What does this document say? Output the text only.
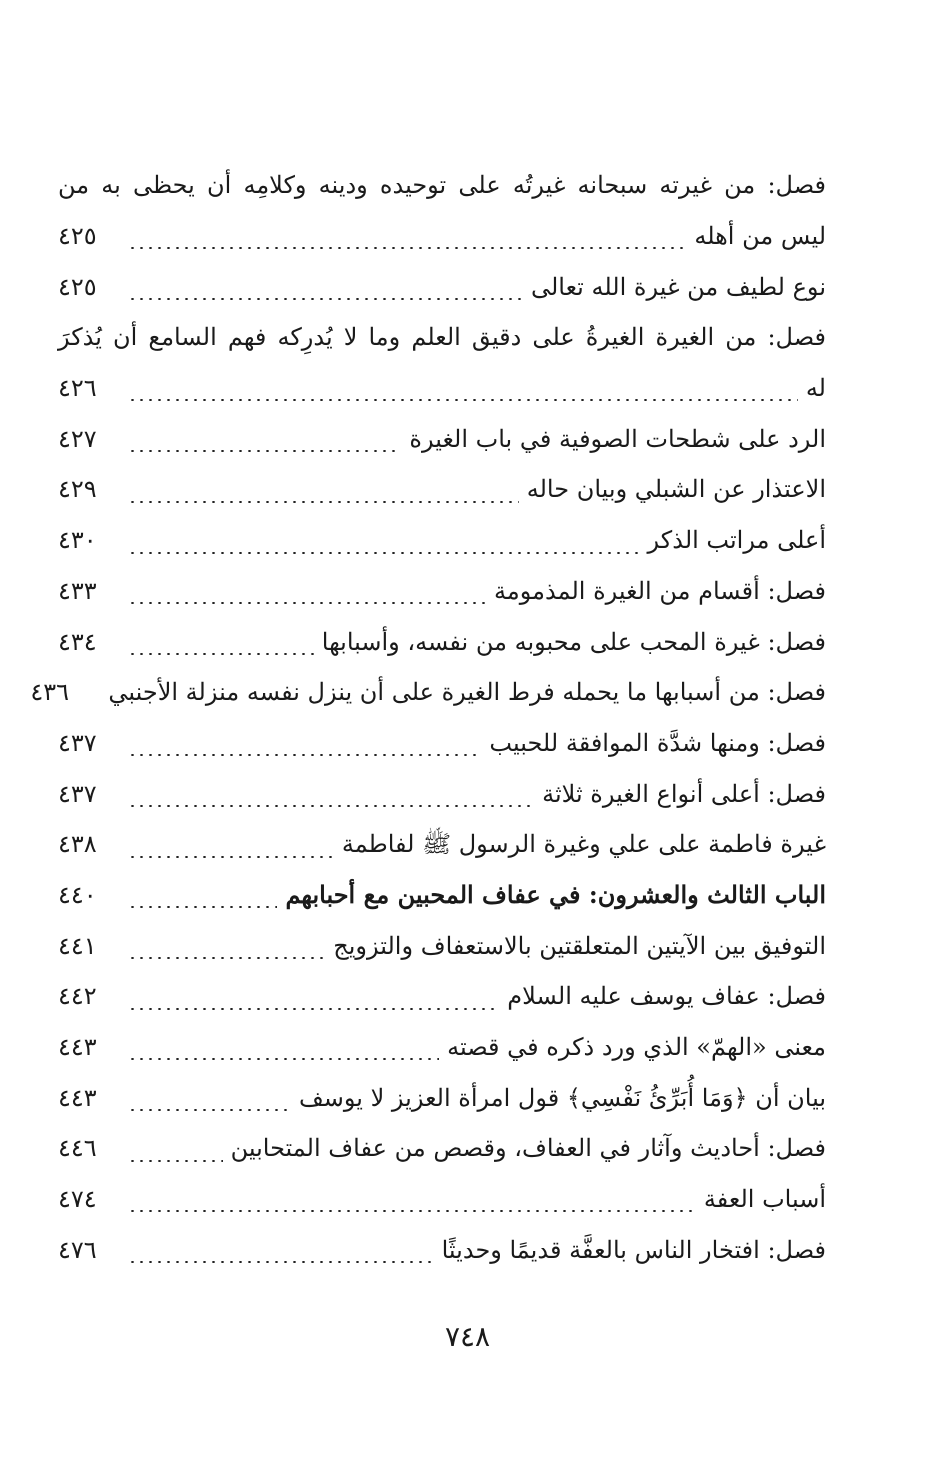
فصل: من غيرته سبحانه غيرتُه على توحيده ودينه وكلامِه أن يحظى به من
ليس من أهله
٤٢٥
نوع لطيف من غيرة الله تعالى
٤٢٥
فصل: من الغيرة الغيرةُ على دقيق العلم وما لا يُدرِكه فهم السامع أن يُذكرَ
له
٤٢٦
الرد على شطحات الصوفية في باب الغيرة
٤٢٧
الاعتذار عن الشبلي وبيان حاله
٤٢٩
أعلى مراتب الذكر
٤٣٠
فصل: أقسام من الغيرة المذمومة
٤٣٣
فصل: غيرة المحب على محبوبه من نفسه، وأسبابها
٤٣٤
فصل: من أسبابها ما يحمله فرط الغيرة على أن ينزل نفسه منزلة الأجنبي
٤٣٦
فصل: ومنها شدَّة الموافقة للحبيب
٤٣٧
فصل: أعلى أنواع الغيرة ثلاثة
٤٣٧
غيرة فاطمة على علي وغيرة الرسول ﷺ لفاطمة
٤٣٨
الباب الثالث والعشرون: في عفاف المحبين مع أحبابهم
٤٤٠
التوفيق بين الآيتين المتعلقتين بالاستعفاف والتزويج
٤٤١
فصل: عفاف يوسف عليه السلام
٤٤٢
معنى «الهمّ» الذي ورد ذكره في قصته
٤٤٣
بيان أن ﴿وَمَا أُبَرِّئُ نَفْسِي﴾ قول امرأة العزيز لا يوسف
٤٤٣
فصل: أحاديث وآثار في العفاف، وقصص من عفاف المتحابين
٤٤٦
أسباب العفة
٤٧٤
فصل: افتخار الناس بالعفَّة قديمًا وحديثًا
٤٧٦
٧٤٨
